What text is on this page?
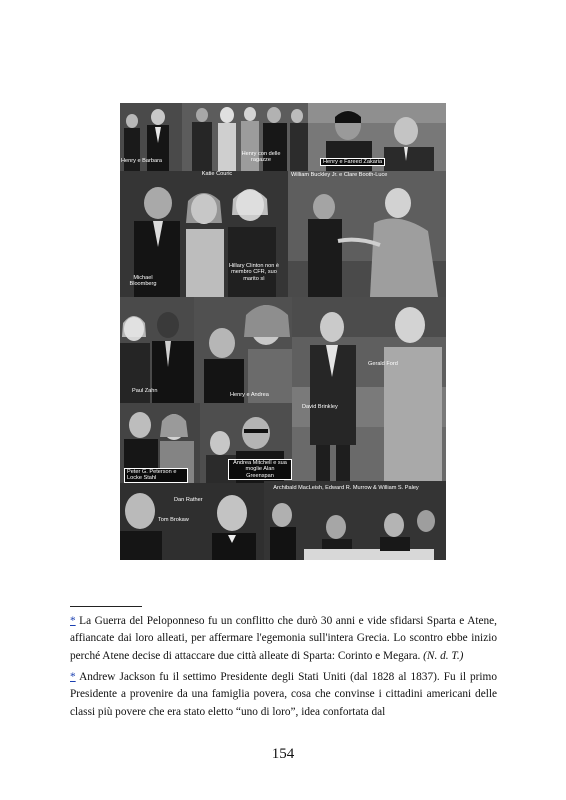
Henry e Barbara
Henry con delle ragazze	Henry e Fareed Zakaria
Katie Couric
Michael Bloomberg
Hillary Clinton non è membro CFR, suo marito sì
William Buckley Jr. e Clare Booth-Luce
Paul Zahn
Henry e Andrea
Gerald Ford
David Brinkley
Peter G. Peterson e Locke Stahl
Andrea Mitchell e sua moglie Alan Greenspan
Dan Rather
Tom Brokaw
Archibald MacLeish, Edward R. Murrow & William S. Paley
* La Guerra del Peloponneso fu un conflitto che durò 30 anni e vide sfidarsi Sparta e Atene, affiancate dai loro alleati, per affermare l'egemonia sull'intera Grecia. Lo scontro ebbe inizio perché Atene decise di attaccare due città alleate di Sparta: Corinto e Megara. (N. d. T.)
* Andrew Jackson fu il settimo Presidente degli Stati Uniti (dal 1828 al 1837). Fu il primo Presidente a provenire da una famiglia povera, cosa che convinse i cittadini americani delle classi più povere che era stato eletto “uno di loro”, idea confortata dal
154
